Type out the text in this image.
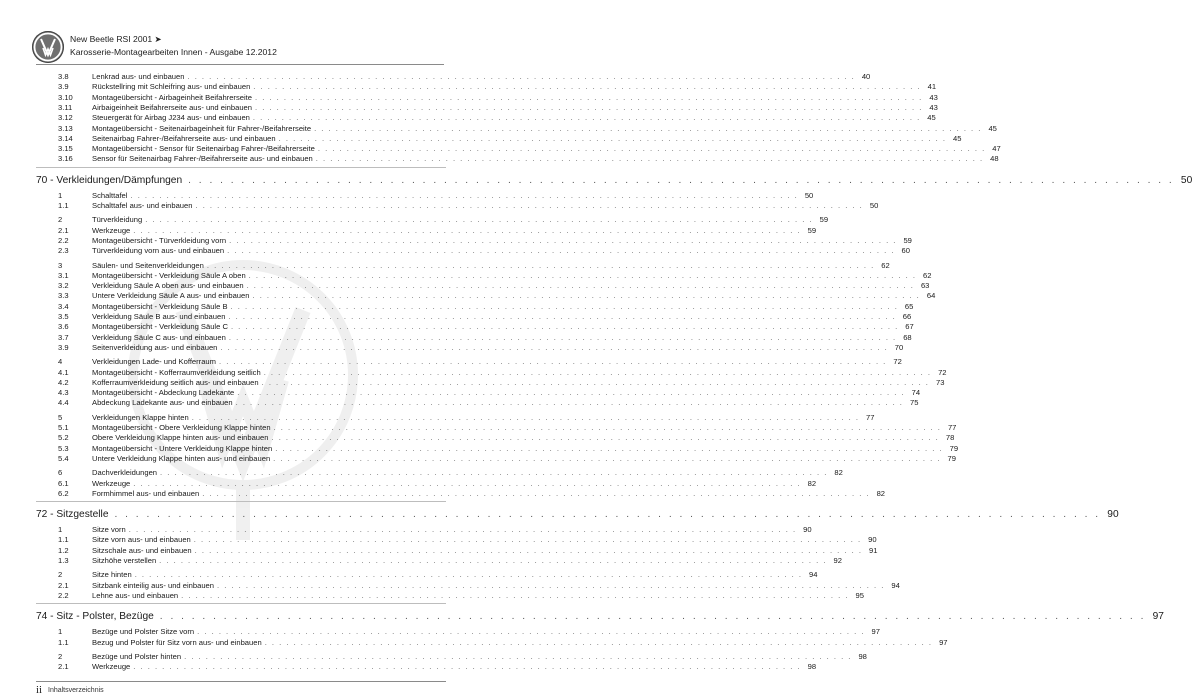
New Beetle RSI 2001 ➤
Karosserie-Montagearbeiten Innen - Ausgabe 12.2012
3.8	Lenkrad aus- und einbauen . . .	40
3.9	Rückstellring mit Schleifring aus- und einbauen . . .	41
3.10	Montageübersicht - Airbageinheit Beifahrerseite . . .	43
3.11	Airbaigeinheit Beifahrerseite aus- und einbauen . . .	43
3.12	Steuergerät für Airbag J234 aus- und einbauen . . .	45
3.13	Montageübersicht - Seitenairbageinheit für Fahrer-/Beifahrerseite . . .	45
3.14	Seitenairbag Fahrer-/Beifahrerseite aus- und einbauen . . .	45
3.15	Montageübersicht - Sensor für Seitenairbag Fahrer-/Beifahrerseite . . .	47
3.16	Sensor für Seitenairbag Fahrer-/Beifahrerseite aus- und einbauen . . .	48
70 - Verkleidungen/Dämpfungen . . .	50
1	Schalttafel . . .	50
1.1	Schalttafel aus- und einbauen . . .	50
2	Türverkleidung . . .	59
2.1	Werkzeuge . . .	59
2.2	Montageübersicht - Türverkleidung vorn . . .	59
2.3	Türverkleidung vorn aus- und einbauen . . .	60
3	Säulen- und Seitenverkleidungen . . .	62
3.1	Montageübersicht - Verkleidung Säule A oben . . .	62
3.2	Verkleidung Säule A oben aus- und einbauen . . .	63
3.3	Untere Verkleidung Säule A aus- und einbauen . . .	64
3.4	Montageübersicht - Verkleidung Säule B . . .	65
3.5	Verkleidung Säule B aus- und einbauen . . .	66
3.6	Montageübersicht - Verkleidung Säule C . . .	67
3.7	Verkleidung Säule C aus- und einbauen . . .	68
3.9	Seitenverkleidung aus- und einbauen . . .	70
4	Verkleidungen Lade- und Kofferraum . . .	72
4.1	Montageübersicht - Kofferraumverkleidung seitlich . . .	72
4.2	Kofferraumverkleidung seitlich aus- und einbauen . . .	73
4.3	Montageübersicht - Abdeckung Ladekante . . .	74
4.4	Abdeckung Ladekante aus- und einbauen . . .	75
5	Verkleidungen Klappe hinten . . .	77
5.1	Montageübersicht - Obere Verkleidung Klappe hinten . . .	77
5.2	Obere Verkleidung Klappe hinten aus- und einbauen . . .	78
5.3	Montageübersicht - Untere Verkleidung Klappe hinten . . .	79
5.4	Untere Verkleidung Klappe hinten aus- und einbauen . . .	79
6	Dachverkleidungen . . .	82
6.1	Werkzeuge . . .	82
6.2	Formhimmel aus- und einbauen . . .	82
72 - Sitzgestelle . . .	90
1	Sitze vorn . . .	90
1.1	Sitze vorn aus- und einbauen . . .	90
1.2	Sitzschale aus- und einbauen . . .	91
1.3	Sitzhöhe verstellen . . .	92
2	Sitze hinten . . .	94
2.1	Sitzbank einteilig aus- und einbauen . . .	94
2.2	Lehne aus- und einbauen . . .	95
74 - Sitz - Polster, Bezüge . . .	97
1	Bezüge und Polster Sitze vorn . . .	97
1.1	Bezug und Polster für Sitz vorn aus- und einbauen . . .	97
2	Bezüge und Polster hinten . . .	98
2.1	Werkzeuge . . .	98
ii Inhaltsverzeichnis
